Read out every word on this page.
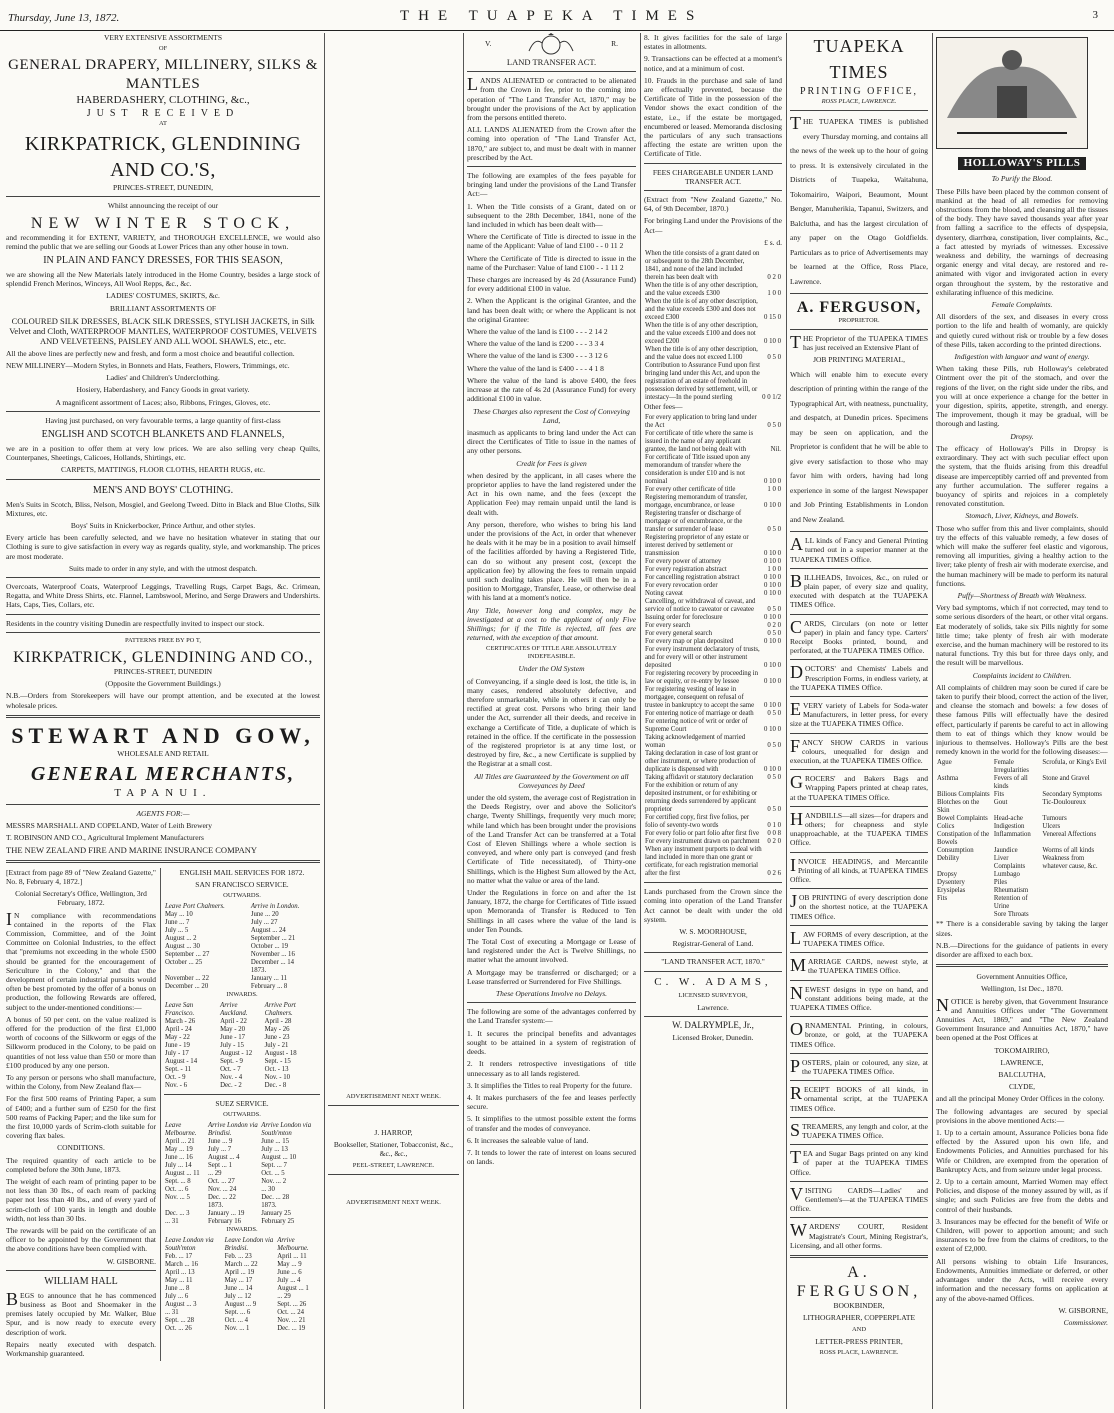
Thursday, June 13, 1872.	THE TUAPEKA TIMES	3

VERY EXTENSIVE ASSORTMENTS

OF

GENERAL DRAPERY, MILLINERY, SILKS & MANTLES
HABERDASHERY, CLOTHING, &c.,
JUST RECEIVED

AT

KIRKPATRICK, GLENDINING AND CO.'S,

PRINCES-STREET, DUNEDIN,

Whilst announcing the receipt of our

NEW WINTER STOCK,

and recommending it for EXTENT, VARIETY, and THOROUGH EXCELLENCE, we would also remind the public that we are selling our Goods at Lower Prices than any other house in town.

IN PLAIN AND FANCY DRESSES, FOR THIS SEASON,

we are showing all the New Materials lately introduced in the Home Country, besides a large stock of splendid French Merinos, Winceys, All Wool Repps, &c., &c.

LADIES' COSTUMES, SKIRTS, &c.

BRILLIANT ASSORTMENTS OF

COLOURED SILK DRESSES, BLACK SILK DRESSES, STYLISH JACKETS, in Silk Velvet and Cloth, WATERPROOF MANTLES, WATERPROOF COSTUMES, VELVETS AND VELVETEENS, PAISLEY AND ALL WOOL SHAWLS, etc., etc.

All the above lines are perfectly new and fresh, and form a most choice and beautiful collection.

NEW MILLINERY—Modern Styles, in Bonnets and Hats, Feathers, Flowers, Trimmings, etc.

Ladies' and Children's Underclothing.

Hosiery, Haberdashery, and Fancy Goods in great variety.

A magnificent assortment of Laces; also, Ribbons, Fringes, Gloves, etc.

Having just purchased, on very favourable terms, a large quantity of first-class

ENGLISH AND SCOTCH BLANKETS AND FLANNELS,

we are in a position to offer them at very low prices. We are also selling very cheap Quilts, Counterpanes, Sheetings, Calicoes, Hollands, Shirtings, etc.

CARPETS, MATTINGS, FLOOR CLOTHS, HEARTH RUGS, etc.

MEN'S AND BOYS' CLOTHING.

Men's Suits in Scotch, Bliss, Nelson, Mosgiel, and Geelong Tweed. Ditto in Black and Blue Cloths, Silk Mixtures, etc.

Boys' Suits in Knickerbocker, Prince Arthur, and other styles.

Every article has been carefully selected, and we have no hesitation whatever in stating that our Clothing is sure to give satisfaction in every way as regards quality, style, and workmanship. The prices are most moderate.

Suits made to order in any style, and with the utmost despatch.

Overcoats, Waterproof Coats, Waterproof Leggings, Travelling Rugs, Carpet Bags, &c. Crimean, Regatta, and White Dress Shirts, etc. Flannel, Lambswool, Merino, and Serge Drawers and Undershirts. Hats, Caps, Ties, Collars, etc.

Residents in the country visiting Dunedin are respectfully invited to inspect our stock.

PATTERNS FREE BY PO T,

KIRKPATRICK, GLENDINING AND CO.,

PRINCES-STREET, DUNEDIN

(Opposite the Government Buildings.)

N.B.—Orders from Storekeepers will have our prompt attention, and be executed at the lowest wholesale prices.

STEWART AND GOW,

WHOLESALE AND RETAIL

GENERAL MERCHANTS,
TAPANUI.

AGENTS FOR:—

MESSRS MARSHALL AND COPELAND, Water of Leith Brewery

T. ROBINSON AND CO., Agricultural Implement Manufacturers

THE NEW ZEALAND FIRE AND MARINE INSURANCE COMPANY

[Extract from page 89 of "New Zealand Gazette," No. 8, February 4, 1872.]

Colonial Secretary's Office, Wellington, 3rd February, 1872.

IN compliance with recommendations contained in the reports of the Flax Commission, Committee, and of the Joint Committee on Colonial Industries, to the effect that "premiums not exceeding in the whole £500 should be granted for the encouragement of Sericulture in the Colony," and that the development of certain industrial pursuits would often be best promoted by the offer of a bonus on production, the following Rewards are offered, subject to the under-mentioned conditions:—

A bonus of 50 per cent. on the value realized is offered for the production of the first £1,000 worth of cocoons of the Silkworm or eggs of the Silkworm produced in the Colony, to be paid on quantities of not less value than £50 or more than £100 produced by any one person.

To any person or persons who shall manufacture, within the Colony, from New Zealand flax—

For the first 500 reams of Printing Paper, a sum of £400; and a further sum of £250 for the first 500 reams of Packing Paper; and the like sum for the first 10,000 yards of Scrim-cloth suitable for covering flax bales.

CONDITIONS.

The required quantity of each article to be completed before the 30th June, 1873.

The weight of each ream of printing paper to be not less than 30 lbs., of each ream of packing paper not less than 40 lbs., and of every yard of scrim-cloth of 100 yards in length and double width, not less than 30 lbs.

The rewards will be paid on the certificate of an officer to be appointed by the Government that the above conditions have been complied with.

W. GISBORNE.

WILLIAM HALL

BEGS to announce that he has commenced business as Boot and Shoemaker in the premises lately occupied by Mr. Walker, Blue Spur, and is now ready to execute every description of work.

Repairs neatly executed with despatch. Workmanship guaranteed.

ENGLISH MAIL SERVICES FOR 1872.

SAN FRANCISCO SERVICE.

OUTWARDS.

Leave Port Chalmers.	Arrive in London.
May ... 10	June ... 20
June ... 7	July ... 27
July ... 5	August ... 24
August ... 2	September ... 21
August ... 30	October ... 19
September ... 27	November ... 16
October ... 25	December ... 14
	1873.
November ... 22	January ... 11
December ... 20	February ... 8

INWARDS.

Leave San Francisco.	Arrive Auckland.	Arrive Port Chalmers.
March - 26	April - 22	April - 28
April - 24	May - 20	May - 26
May - 22	June - 17	June - 23
June - 19	July - 15	July - 21
July - 17	August - 12	August - 18
August - 14	Sept. - 9	Sept. - 15
Sept. - 11	Oct. - 7	Oct. - 13
Oct. - 9	Nov. - 4	Nov. - 10
Nov. - 6	Dec. - 2	Dec. - 8

SUEZ SERVICE.

OUTWARDS.

Leave Melbourne.	Arrive London via Brindisi.	Arrive London via South'mton
April ... 21	June ... 9	June ... 15
May ... 19	July ... 7	July ... 13
June ... 16	August ... 4	August ... 10
July ... 14	Sept ... 1	Sept. ... 7
August ... 11	... 29	Oct. ... 5
Sept. ... 8	Oct. ... 27	Nov. ... 2
Oct. ... 6	Nov. ... 24	... 30
Nov. ... 5	Dec. ... 22	Dec. ... 28
	1873.	1873.
Dec. ... 3	January ... 19	January 25
... 31	February 16	February 25

INWARDS.

Leave London via South'mton	Leave London via Brindisi.	Arrive Melbourne.
Feb. ... 17	Feb. ... 23	April ... 11
March ... 16	March ... 22	May ... 9
April ... 13	April ... 19	June ... 6
May ... 11	May ... 17	July ... 4
June ... 8	June ... 14	August ... 1
July ... 6	July ... 12	... 29
August ... 3	August ... 9	Sept. ... 26
... 31	Sept. ... 6	Oct. ... 24
Sept. ... 28	Oct. ... 4	Nov. ... 21
Oct. ... 26	Nov. ... 1	Dec. ... 19

ADVERTISEMENT NEXT WEEK.

J. HARROP,

Bookseller, Stationer, Tobacconist, &c., &c., &c.,

PEEL-STREET, LAWRENCE.

ADVERTISEMENT NEXT WEEK.

V.	R.

LAND TRANSFER ACT.

LANDS ALIENATED or contracted to be alienated from the Crown in fee, prior to the coming into operation of "The Land Transfer Act, 1870," may be brought under the provisions of the Act by application from the persons entitled thereto.

ALL LANDS ALIENATED from the Crown after the coming into operation of "The Land Transfer Act, 1870," are subject to, and must be dealt with in manner prescribed by the Act.

The following are examples of the fees payable for bringing land under the provisions of the Land Transfer Act:—

1. When the Title consists of a Grant, dated on or subsequent to the 28th December, 1841, none of the land included in which has been dealt with—

Where the Certificate of Title is directed to issue in the name of the Applicant: Value of land £100 - - 0 11 2

Where the Certificate of Title is directed to issue in the name of the Purchaser: Value of land £100 - - 1 11 2

These charges are increased by 4s 2d (Assurance Fund) for every additional £100 in value.

2. When the Applicant is the original Grantee, and the land has been dealt with; or where the Applicant is not the original Grantee:

Where the value of the land is £100 - - - 2 14 2

Where the value of the land is £200 - - - 3 3 4

Where the value of the land is £300 - - - 3 12 6

Where the value of the land is £400 - - - 4 1 8

Where the value of the land is above £400, the fees increase at the rate of 4s 2d (Assurance Fund) for every additional £100 in value.

These Charges also represent the Cost of Conveying Land,

inasmuch as applicants to bring land under the Act can direct the Certificates of Title to issue in the names of any other persons.

Credit for Fees is given

when desired by the applicant, in all cases where the proprietor applies to have the land registered under the Act in his own name, and the fees (except the Application Fee) may remain unpaid until the land is dealt with.

Any person, therefore, who wishes to bring his land under the provisions of the Act, in order that whenever he deals with it he may be in a position to avail himself of the facilities afforded by having a Registered Title, can do so without any present cost, (except the application fee) by allowing the fees to remain unpaid until such dealing takes place. He will then be in a position to Mortgage, Transfer, Lease, or otherwise deal with his land at a moment's notice.

Any Title, however long and complex, may be investigated at a cost to the applicant of only Five Shillings; for if the Title is rejected, all fees are returned, with the exception of that amount.

CERTIFICATES OF TITLE ARE ABSOLUTELY INDEFEASIBLE.

Under the Old System

of Conveyancing, if a single deed is lost, the title is, in many cases, rendered absolutely defective, and therefore unmarketable, while in others it can only be rectified at great cost. Persons who bring their land under the Act, surrender all their deeds, and receive in exchange a Certificate of Title, a duplicate of which is retained in the office. If the certificate in the possession of the registered proprietor is at any time lost, or destroyed by fire, &c., a new Certificate is supplied by the Registrar at a small cost.

All Titles are Guaranteed by the Government on all Conveyances by Deed

under the old system, the average cost of Registration in the Deeds Registry, over and above the Solicitor's charge, Twenty Shillings, frequently very much more; while land which has been brought under the provisions of the Land Transfer Act can be transferred at a Total Cost of Eleven Shillings where a whole section is conveyed, and where only part is conveyed (and fresh Certificate of Title necessitated), of Thirty-one Shillings, which is the Highest Sum allowed by the Act, no matter what the value or area of the land.

Under the Regulations in force on and after the 1st January, 1872, the charge for Certificates of Title issued upon Memoranda of Transfer is Reduced to Ten Shillings in all cases where the value of the land is under Ten Pounds.

The Total Cost of executing a Mortgage or Lease of land registered under the Act is Twelve Shillings, no matter what the amount involved.

A Mortgage may be transferred or discharged; or a Lease transferred or Surrendered for Five Shillings.

These Operations Involve no Delays.

The following are some of the advantages conferred by the Land Transfer system:—

1. It secures the principal benefits and advantages sought to be attained in a system of registration of deeds.

2. It renders retrospective investigations of title unnecessary as to all lands registered.

3. It simplifies the Titles to real Property for the future.

4. It makes purchasers of the fee and leases perfectly secure.

5. It simplifies to the utmost possible extent the forms of transfer and the modes of conveyance.

6. It increases the saleable value of land.

7. It tends to lower the rate of interest on loans secured on lands.

8. It gives facilities for the sale of large estates in allotments.

9. Transactions can be effected at a moment's notice, and at a minimum of cost.

10. Frauds in the purchase and sale of land are effectually prevented, because the Certificate of Title in the possession of the Vendor shows the exact condition of the estate, i.e., if the estate be mortgaged, encumbered or leased. Memoranda disclosing the particulars of any such transactions affecting the estate are written upon the Certificate of Title.

FEES CHARGEABLE UNDER LAND TRANSFER ACT.

(Extract from "New Zealand Gazette," No. 64, of 9th December, 1870.)

For bringing Land under the Provisions of the Act—

£ s. d.

When the title consists of a grant dated on or subsequent to the 28th December, 1841, and none of the land included therein has been dealt with	0 2 0
When the title is of any other description, and the value exceeds £300	1 0 0
When the title is of any other description, and the value exceeds £300 and does not exceed £300	0 15 0
When the title is of any other description, and the value exceeds £100 and does not exceed £200	0 10 0
When the title is of any other description, and the value does not exceed L100	0 5 0
Contribution to Assurance Fund upon first bringing land under this Act, and upon the registration of an estate of freehold in possession derived by settlement, will, or intestacy—In the pound sterling	0 0 1/2

Other fees—

For every application to bring land under the Act	0 5 0
For certificate of title where the same is issued in the name of any applicant grantee, the land not being dealt with	Nil.
For certificate of Title issued upon any memorandum of transfer where the consideration is under £10 and is not nominal	0 10 0
For every other certificate of title	1 0 0
Registering memorandum of transfer, mortgage, encumbrance, or lease	0 10 0
Registering transfer or discharge of mortgage or of encumbrance, or the transfer or surrender of lease	0 5 0
Registering proprietor of any estate or interest derived by settlement or transmission	0 10 0
For every power of attorney	0 10 0
For every registration abstract	1 0 0
For cancelling registration abstract	0 10 0
For every revocation order	0 10 0
Noting caveat	0 10 0
Cancelling, or withdrawal of caveat, and service of notice to caveator or caveatee	0 5 0
Issuing order for foreclosure	0 10 0
For every search	0 2 0
For every general search	0 5 0
For every map or plan deposited	0 10 0
For every instrument declaratory of trusts, and for every will or other instrument deposited	0 10 0
For registering recovery by proceeding in law or equity, or re-entry by lessee	0 10 0
For registering vesting of lease in mortgagee, consequent on refusal of trustee in bankruptcy to accept the same	0 10 0
For entering notice of marriage or death	0 5 0
For entering notice of writ or order of Supreme Court	0 10 0
Taking acknowledgement of married woman	0 5 0
Taking declaration in case of lost grant or other instrument, or where production of duplicate is dispensed with	0 10 0
Taking affidavit or statutory declaration	0 5 0
For the exhibition or return of any deposited instrument, or for exhibiting or returning deeds surrendered by applicant proprietor	0 5 0
For certified copy, first five folios, per folio of seventy-two words	0 1 0
For every folio or part folio after first five	0 0 8
For every instrument drawn on parchment	0 2 0
When any instrument purports to deal with land included in more than one grant or certificate, for each registration memorial after the first	0 2 6

Lands purchased from the Crown since the coming into operation of the Land Transfer Act cannot be dealt with under the old system.

W. S. MOORHOUSE,

Registrar-General of Land.

"LAND TRANSFER ACT, 1870."

C. W. ADAMS,

LICENSED SURVEYOR,

Lawrence.

W. DALRYMPLE, Jr.,

Licensed Broker, Dunedin.

TUAPEKA TIMES
PRINTING OFFICE,

ROSS PLACE, LAWRENCE.

THE TUAPEKA TIMES is published every Thursday morning, and contains all the news of the week up to the hour of going to press. It is extensively circulated in the Districts of Tuapeka, Waitahuna, Tokomairiro, Waipori, Beaumont, Mount Benger, Manuherikia, Tapanui, Switzers, and Balclutha, and has the largest circulation of any paper on the Otago Goldfields. Particulars as to price of Advertisements may be learned at the Office, Ross Place, Lawrence.

A. FERGUSON,

PROPRIETOR.

THE Proprietor of the TUAPEKA TIMES has just received an Extensive Plant of

JOB PRINTING MATERIAL,

Which will enable him to execute every description of printing within the range of the Typographical Art, with neatness, punctuality, and despatch, at Dunedin prices. Specimens may be seen on application, and the Proprietor is confident that he will be able to give every satisfaction to those who may favor him with orders, having had long experience in some of the largest Newspaper and Job Printing Establishments in London and New Zealand.

ALL kinds of Fancy and General Printing turned out in a superior manner at the TUAPEKA TIMES Office.

BILLHEADS, Invoices, &c., on ruled or plain paper, of every size and quality, executed with despatch at the TUAPEKA TIMES Office.

CARDS, Circulars (on note or letter paper) in plain and fancy type. Carters' Receipt Books printed, bound, and perforated, at the TUAPEKA TIMES Office.

DOCTORS' and Chemists' Labels and Prescription Forms, in endless variety, at the TUAPEKA TIMES Office.

EVERY variety of Labels for Soda-water Manufacturers, in letter press, for every size at the TUAPEKA TIMES Office.

FANCY SHOW CARDS in various colours, unequalled for design and execution, at the TUAPEKA TIMES Office.

GROCERS' and Bakers Bags and Wrapping Papers printed at cheap rates, at the TUAPEKA TIMES Office.

HANDBILLS—all sizes—for drapers and others; for cheapness and style unapproachable, at the TUAPEKA TIMES Office.

INVOICE HEADINGS, and Mercantile Printing of all kinds, at TUAPEKA TIMES Office.

JOB PRINTING of every description done on the shortest notice, at the TUAPEKA TIMES Office.

LAW FORMS of every description, at the TUAPEKA TIMES Office.

MARRIAGE CARDS, newest style, at the TUAPEKA TIMES Office.

NEWEST designs in type on hand, and constant additions being made, at the TUAPEKA TIMES Office.

ORNAMENTAL Printing, in colours, bronze, or gold, at the TUAPEKA TIMES Office.

POSTERS, plain or coloured, any size, at the TUAPEKA TIMES Office.

RECEIPT BOOKS of all kinds, in ornamental script, at the TUAPEKA TIMES Office.

STREAMERS, any length and color, at the TUAPEKA TIMES Office.

TEA and Sugar Bags printed on any kind of paper at the TUAPEKA TIMES Office.

VISITING CARDS—Ladies' and Gentlemen's—at the TUAPEKA TIMES Office.

WARDENS' COURT, Resident Magistrate's Court, Mining Registrar's, Licensing, and all other forms.

A. FERGUSON,

BOOKBINDER,

LITHOGRAPHER, COPPERPLATE

AND

LETTER-PRESS PRINTER,

ROSS PLACE, LAWRENCE.

HOLLOWAY'S PILLS

To Purify the Blood.

These Pills have been placed by the common consent of mankind at the head of all remedies for removing obstructions from the blood, and cleansing all the tissues of the body. They have saved thousands year after year from falling a sacrifice to the effects of dyspepsia, dysentery, diarrhœa, constipation, liver complaints, &c., a fact attested by myriads of witnesses. Excessive weakness and debility, the warnings of decreasing organic energy and vital decay, are restored and re-animated with vigor and invigorated action in every organ throughout the system, by the restorative and exhilarating influence of this medicine.

Female Complaints.

All disorders of the sex, and diseases in every cross portion to the life and health of womanly, are quickly and quietly cured without risk or trouble by a few doses of these Pills, taken according to the printed directions.

Indigestion with languor and want of energy.

When taking these Pills, rub Holloway's celebrated Ointment over the pit of the stomach, and over the regions of the liver, on the right side under the ribs, and you will at once experience a change for the better in your digestion, spirits, appetite, strength, and energy. The improvement, though it may be gradual, will be thorough and lasting.

Dropsy.

The efficacy of Holloway's Pills in Dropsy is extraordinary. They act with such peculiar effect upon the system, that the fluids arising from this dreadful disease are imperceptibly carried off and prevented from any further accumulation. The sufferer regains a buoyancy of spirits and rejoices in a completely renovated constitution.

Stomach, Liver, Kidneys, and Bowels.

Those who suffer from this and liver complaints, should try the effects of this valuable remedy, a few doses of which will make the sufferer feel elastic and vigorous, removing all impurities, giving a healthy action to the liver; take plenty of fresh air with moderate exercise, and the human machinery will be made to perform its natural functions.

Puffy—Shortness of Breath with Weakness.

Very bad symptoms, which if not corrected, may tend to some serious disorders of the heart, or other vital organs. Eat moderately of solids, take six Pills nightly for some little time; take plenty of fresh air with moderate exercise, and the human machinery will be restored to its natural functions. Try this but for three days only, and the result will be marvellous.

Complaints incident to Children.

All complaints of children may soon be cured if care be taken to purify their blood, correct the action of the liver, and cleanse the stomach and bowels: a few doses of these famous Pills will effectually have the desired effect, particularly if parents be careful to act in allowing them to eat of things which they know would be injurious to themselves. Holloway's Pills are the best remedy known in the world for the following diseases:—

Ague	Female Irregularities	Scrofula, or King's Evil
Asthma	Fevers of all kinds	Stone and Gravel
Bilious Complaints	Fits	Secondary Symptoms
Blotches on the Skin	Gout	Tic-Douloureux
Bowel Complaints	Head-ache	Tumours
Colics	Indigestion	Ulcers
Constipation of the Bowels	Inflammation	Venereal Affections
Consumption	Jaundice	Worms of all kinds
Debility	Liver Complaints	Weakness from whatever cause, &c.
Dropsy	Lumbago	
Dysentery	Piles	
Erysipelas	Rheumatism	
Fits	Retention of Urine	
	Sore Throats	

** There is a considerable saving by taking the larger sizes.

N.B.—Directions for the guidance of patients in every disorder are affixed to each box.

Government Annuities Office,

Wellington, 1st Dec., 1870.

NOTICE is hereby given, that Government Insurance and Annuities Offices under "The Government Annuities Act, 1869," and "The New Zealand Government Insurance and Annuities Act, 1870," have been opened at the Post Offices at

TOKOMAIRIRO,

LAWRENCE,

BALCLUTHA,

CLYDE,

and all the principal Money Order Offices in the colony.

The following advantages are secured by special provisions in the above mentioned Acts:—

1. Up to a certain amount, Assurance Policies bona fide effected by the Assured upon his own life, and Endowments Policies, and Annuities purchased for his Wife or Children, are exempted from the operation of Bankruptcy Acts, and from seizure under legal process.

2. Up to a certain amount, Married Women may effect Policies, and dispose of the money assured by will, as if single; and such Policies are free from the debts and control of their husbands.

3. Insurances may be effected for the benefit of Wife or Children, will power to apportion amount; and such insurances to be free from the claims of creditors, to the extent of £2,000.

All persons wishing to obtain Life Insurances, Endowments, Annuities immediate or deferred, or other advantages under the Acts, will receive every information and the necessary forms on application at any of the above-named Offices.

W. GISBORNE,

Commissioner.
